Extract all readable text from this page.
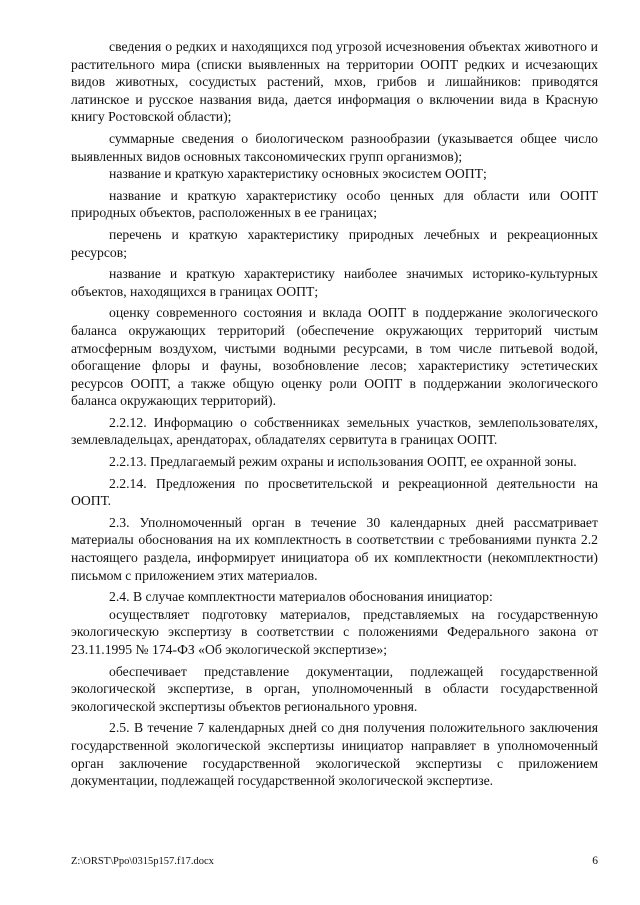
сведения о редких и находящихся под угрозой исчезновения объектах животного и растительного мира (списки выявленных на территории ООПТ редких и исчезающих видов животных, сосудистых растений, мхов, грибов и лишайников: приводятся латинское и русское названия вида, дается информация о включении вида в Красную книгу Ростовской области);

суммарные сведения о биологическом разнообразии (указывается общее число выявленных видов основных таксономических групп организмов);

название и краткую характеристику основных экосистем ООПТ;

название и краткую характеристику особо ценных для области или ООПТ природных объектов, расположенных в ее границах;

перечень и краткую характеристику природных лечебных и рекреационных ресурсов;

название и краткую характеристику наиболее значимых историко-культурных объектов, находящихся в границах ООПТ;

оценку современного состояния и вклада ООПТ в поддержание экологического баланса окружающих территорий (обеспечение окружающих территорий чистым атмосферным воздухом, чистыми водными ресурсами, в том числе питьевой водой, обогащение флоры и фауны, возобновление лесов; характеристику эстетических ресурсов ООПТ, а также общую оценку роли ООПТ в поддержании экологического баланса окружающих территорий).

2.2.12. Информацию о собственниках земельных участков, землепользователях, землевладельцах, арендаторах, обладателях сервитута в границах ООПТ.

2.2.13. Предлагаемый режим охраны и использования ООПТ, ее охранной зоны.

2.2.14. Предложения по просветительской и рекреационной деятельности на ООПТ.

2.3. Уполномоченный орган в течение 30 календарных дней рассматривает материалы обоснования на их комплектность в соответствии с требованиями пункта 2.2 настоящего раздела, информирует инициатора об их комплектности (некомплектности) письмом с приложением этих материалов.

2.4. В случае комплектности материалов обоснования инициатор:

осуществляет подготовку материалов, представляемых на государственную экологическую экспертизу в соответствии с положениями Федерального закона от 23.11.1995 № 174-ФЗ «Об экологической экспертизе»;

обеспечивает представление документации, подлежащей государственной экологической экспертизе, в орган, уполномоченный в области государственной экологической экспертизы объектов регионального уровня.

2.5. В течение 7 календарных дней со дня получения положительного заключения государственной экологической экспертизы инициатор направляет в уполномоченный орган заключение государственной экологической экспертизы с приложением документации, подлежащей государственной экологической экспертизе.

Z:\ORST\Ppo\0315p157.f17.docx	6
